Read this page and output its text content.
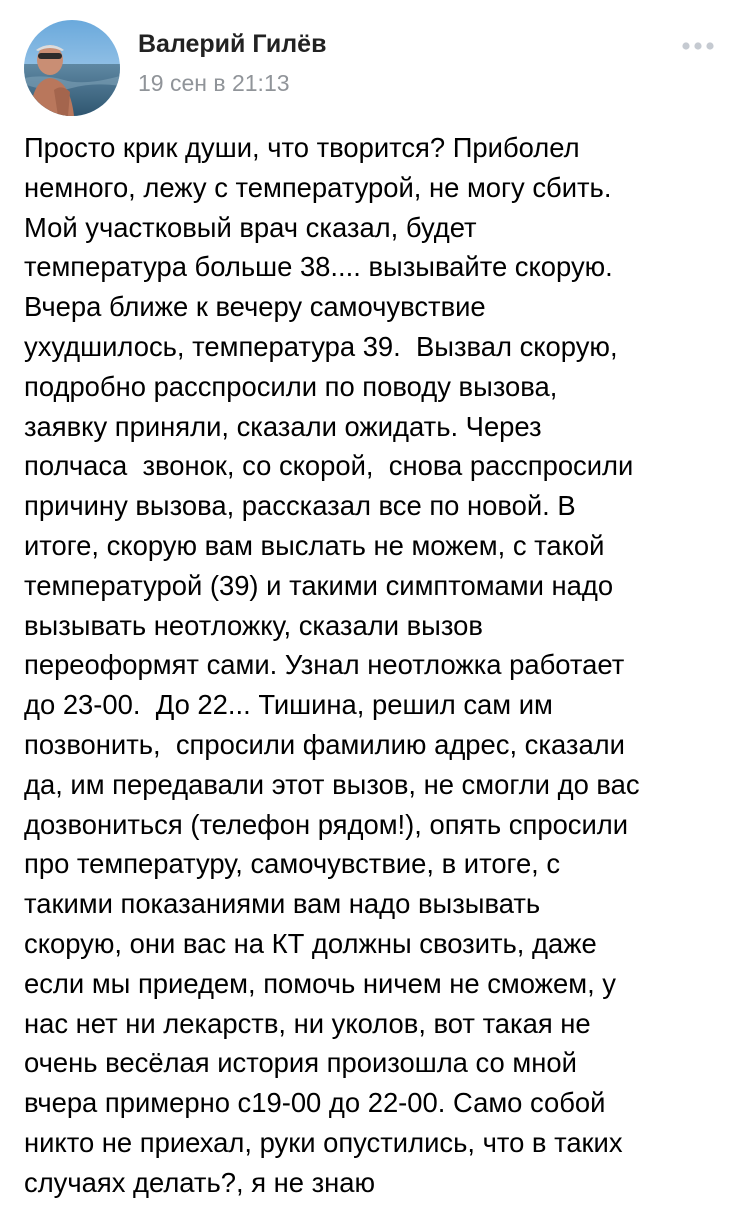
Валерий Гилёв
19 сен в 21:13
Просто крик души, что творится? Приболел
немного, лежу с температурой, не могу сбить.
Мой участковый врач сказал, будет
температура больше 38.... вызывайте скорую.
Вчера ближе к вечеру самочувствие
ухудшилось, температура 39.  Вызвал скорую,
подробно расспросили по поводу вызова,
заявку приняли, сказали ожидать. Через
полчаса  звонок, со скорой,  снова расспросили
причину вызова, рассказал все по новой. В
итоге, скорую вам выслать не можем, с такой
температурой (39) и такими симптомами надо
вызывать неотложку, сказали вызов
переоформят сами. Узнал неотложка работает
до 23-00.  До 22... Тишина, решил сам им
позвонить,  спросили фамилию адрес, сказали
да, им передавали этот вызов, не смогли до вас
дозвониться (телефон рядом!), опять спросили
про температуру, самочувствие, в итоге, с
такими показаниями вам надо вызывать
скорую, они вас на КТ должны свозить, даже
если мы приедем, помочь ничем не сможем, у
нас нет ни лекарств, ни уколов, вот такая не
очень весёлая история произошла со мной
вчера примерно с19-00 до 22-00. Само собой
никто не приехал, руки опустились, что в таких
случаях делать?, я не знаю
